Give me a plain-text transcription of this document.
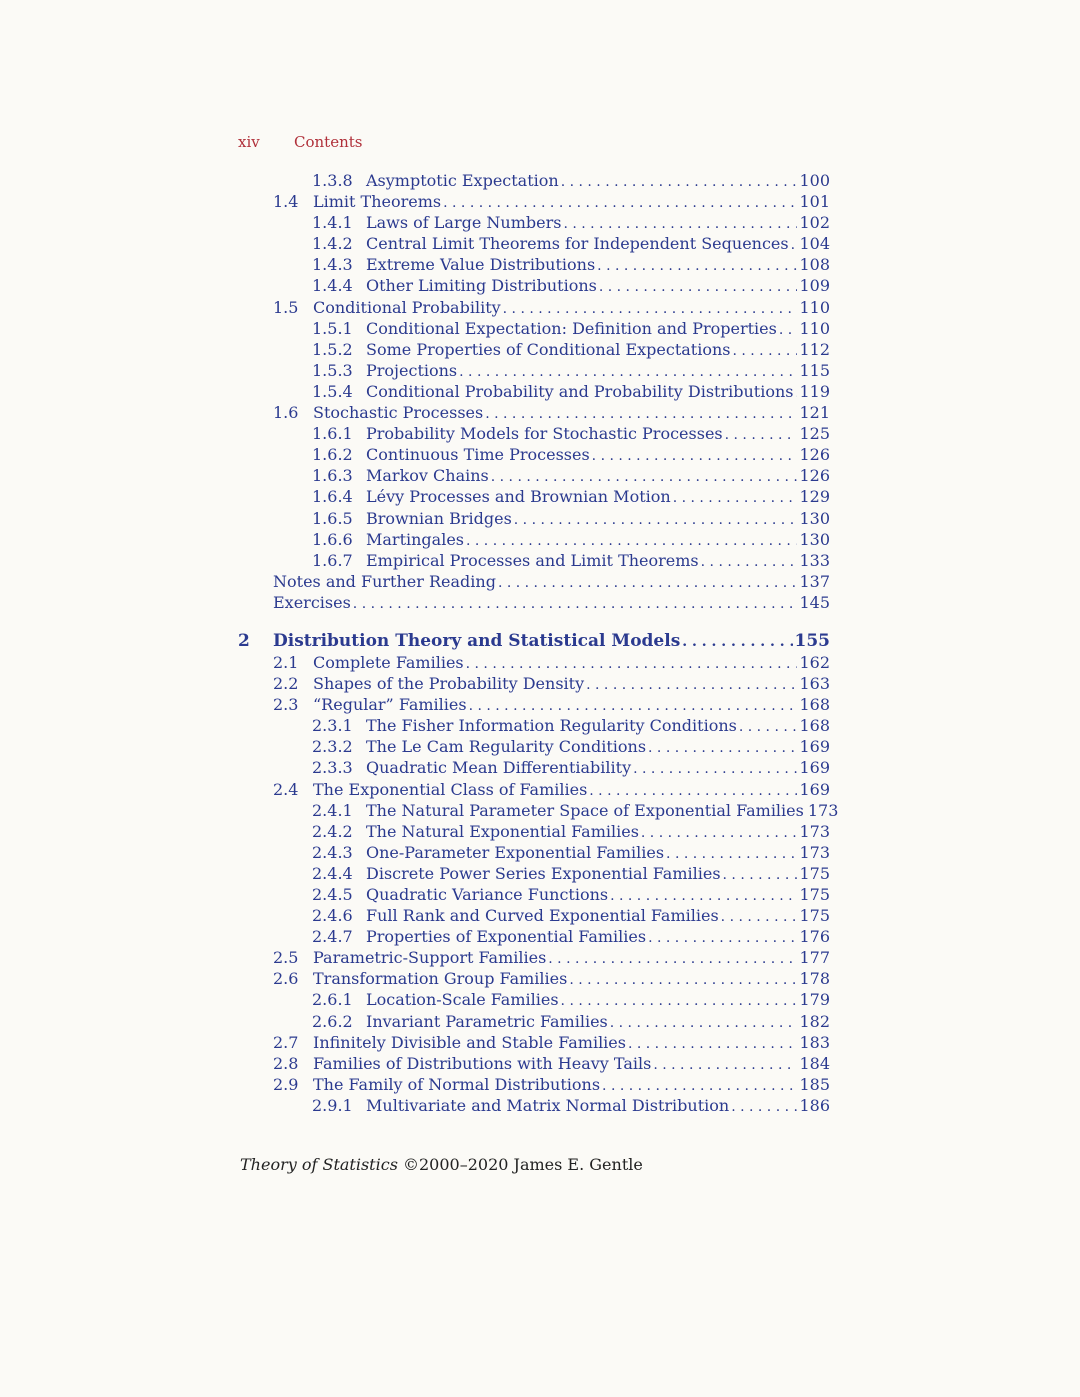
xiv Contents
1.3.8 Asymptotic Expectation . . .	100
1.4 Limit Theorems . . .	101
1.4.1 Laws of Large Numbers . . .	102
1.4.2 Central Limit Theorems for Independent Sequences . . . 104
1.4.3 Extreme Value Distributions . . .	108
1.4.4 Other Limiting Distributions . . .	109
1.5 Conditional Probability . . .	110
1.5.1 Conditional Expectation: Definition and Properties . . . 110
1.5.2 Some Properties of Conditional Expectations . . .	112
1.5.3 Projections . . .	115
1.5.4 Conditional Probability and Probability Distributions . . . 119
1.6 Stochastic Processes . . .	121
1.6.1 Probability Models for Stochastic Processes . . .	125
1.6.2 Continuous Time Processes . . .	126
1.6.3 Markov Chains . . .	126
1.6.4 Lévy Processes and Brownian Motion . . .	129
1.6.5 Brownian Bridges . . .	130
1.6.6 Martingales . . .	130
1.6.7 Empirical Processes and Limit Theorems . . .	133
Notes and Further Reading . . .	137
Exercises . . .	145
2	Distribution Theory and Statistical Models . . .	155
2.1 Complete Families . . .	162
2.2 Shapes of the Probability Density . . .	163
2.3 “Regular” Families . . .	168
2.3.1 The Fisher Information Regularity Conditions . . .	168
2.3.2 The Le Cam Regularity Conditions . . .	169
2.3.3 Quadratic Mean Differentiability . . .	169
2.4 The Exponential Class of Families . . .	169
2.4.1 The Natural Parameter Space of Exponential Families 173
2.4.2 The Natural Exponential Families . . .	173
2.4.3 One-Parameter Exponential Families . . .	173
2.4.4 Discrete Power Series Exponential Families . . .	175
2.4.5 Quadratic Variance Functions . . .	175
2.4.6 Full Rank and Curved Exponential Families . . .	175
2.4.7 Properties of Exponential Families . . .	176
2.5 Parametric-Support Families . . .	177
2.6 Transformation Group Families . . .	178
2.6.1 Location-Scale Families . . .	179
2.6.2 Invariant Parametric Families . . .	182
2.7 Infinitely Divisible and Stable Families . . .	183
2.8 Families of Distributions with Heavy Tails . . .	184
2.9 The Family of Normal Distributions . . .	185
2.9.1 Multivariate and Matrix Normal Distribution . . .	186
Theory of Statistics ©2000–2020 James E. Gentle
